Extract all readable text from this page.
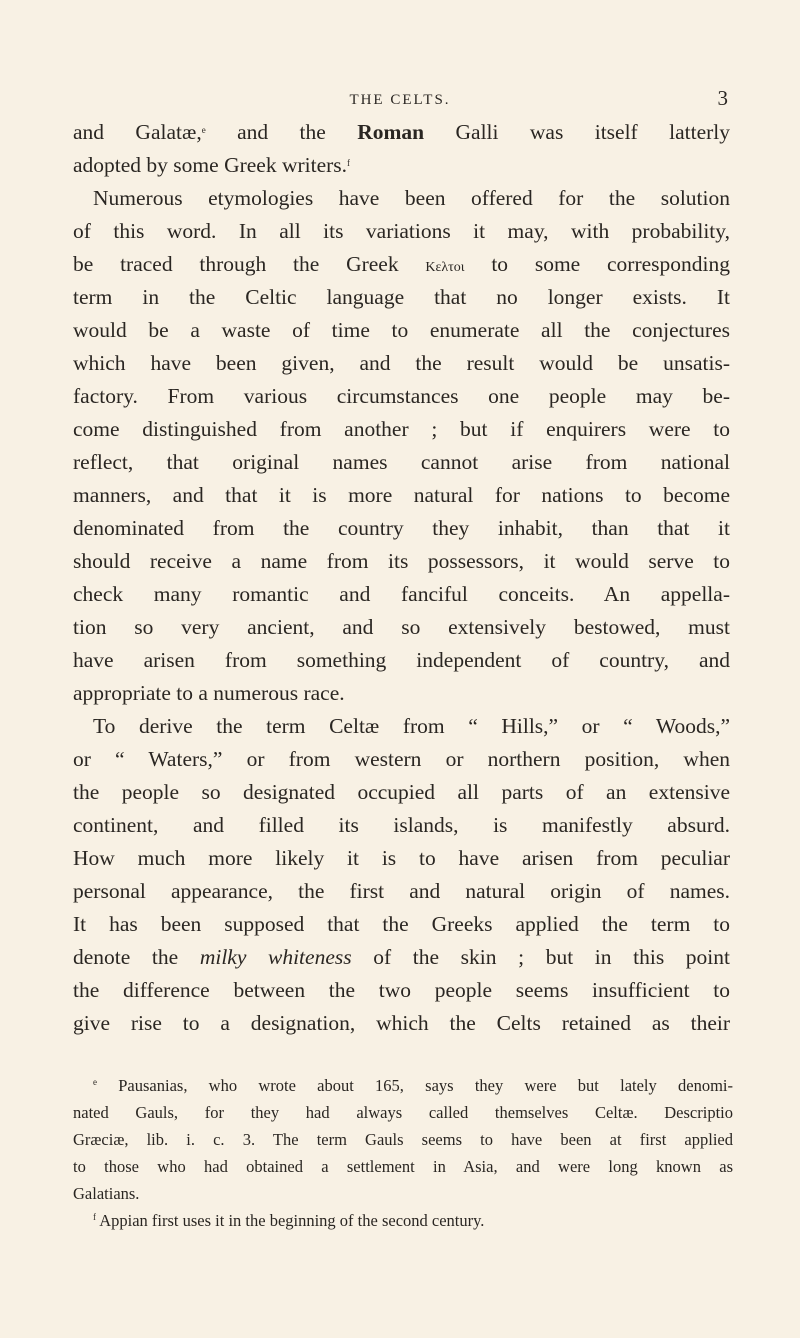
THE CELTS.	3
and Galatæ,$^e$ and the Roman Galli was itself latterly
adopted by some Greek writers.$^f$
Numerous etymologies have been offered for the solution
of this word. In all its variations it may, with probability,
be traced through the Greek Κελτοι to some corresponding
term in the Celtic language that no longer exists. It
would be a waste of time to enumerate all the conjectures
which have been given, and the result would be unsatis-
factory. From various circumstances one people may be-
come distinguished from another ; but if enquirers were to
reflect, that original names cannot arise from national
manners, and that it is more natural for nations to become
denominated from the country they inhabit, than that it
should receive a name from its possessors, it would serve to
check many romantic and fanciful conceits. An appella-
tion so very ancient, and so extensively bestowed, must
have arisen from something independent of country, and
appropriate to a numerous race.
To derive the term Celtæ from “ Hills,” or “ Woods,”
or “ Waters,” or from western or northern position, when
the people so designated occupied all parts of an extensive
continent, and filled its islands, is manifestly absurd.
How much more likely it is to have arisen from peculiar
personal appearance, the first and natural origin of names.
It has been supposed that the Greeks applied the term to
denote the milky whiteness of the skin ; but in this point
the difference between the two people seems insufficient to
give rise to a designation, which the Celts retained as their
$^e$ Pausanias, who wrote about 165, says they were but lately denomi-
nated Gauls, for they had always called themselves Celtæ. Descriptio
Græciæ, lib. i. c. 3. The term Gauls seems to have been at first applied
to those who had obtained a settlement in Asia, and were long known as
Galatians.
$^f$ Appian first uses it in the beginning of the second century.
